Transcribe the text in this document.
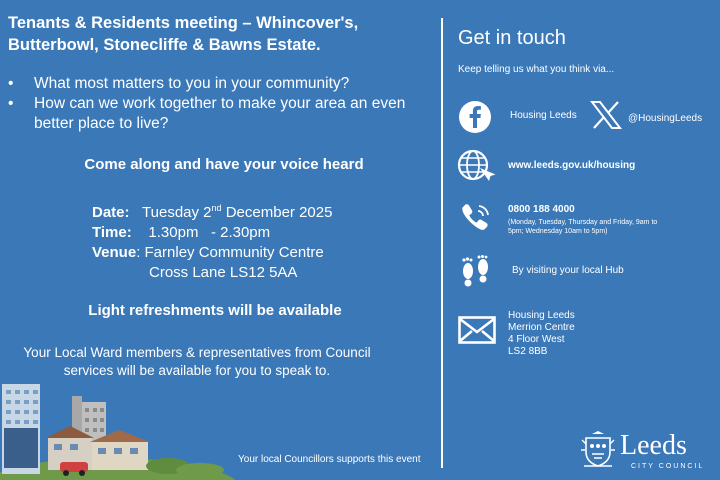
Tenants & Residents meeting – Whincover's, Butterbowl, Stonecliffe & Bawns Estate.
• What most matters to you in your community?
• How can we work together to make your area an even better place to live?
Come along and have your voice heard
Date: Tuesday 2nd December 2025
Time: 1.30pm   - 2.30pm
Venue: Farnley Community Centre
Cross Lane LS12 5AA
Light refreshments will be available
Your Local Ward members & representatives from Council services will be available for you to speak to.
Your local Councillors supports this event
Get in touch
Keep telling us what you think via...
Housing Leeds	@HousingLeeds
www.leeds.gov.uk/housing
0800 188 4000
(Monday, Tuesday, Thursday and Friday, 9am to 5pm; Wednesday 10am to 5pm)
By visiting your local Hub
Housing Leeds
Merrion Centre
4 Floor West
LS2 8BB
Leeds
CITY COUNCIL
